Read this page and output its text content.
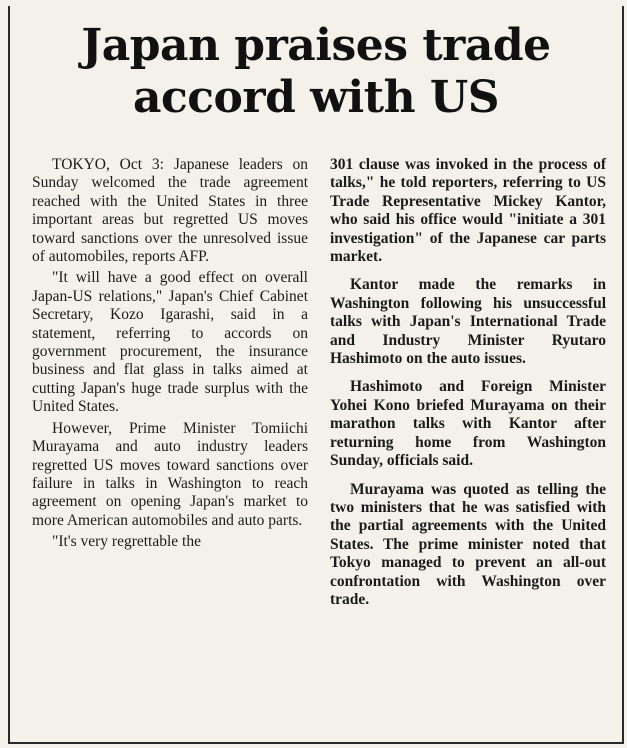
Japan praises trade
accord with US

TOKYO, Oct 3: Japanese leaders on Sunday welcomed the trade agreement reached with the United States in three important areas but regretted US moves toward sanctions over the unresolved issue of automobiles, reports AFP.

"It will have a good effect on overall Japan-US relations," Japan's Chief Cabinet Secretary, Kozo Igarashi, said in a statement, referring to accords on government procurement, the insurance business and flat glass in talks aimed at cutting Japan's huge trade surplus with the United States.

However, Prime Minister Tomiichi Murayama and auto industry leaders regretted US moves toward sanctions over failure in talks in Washington to reach agreement on opening Japan's market to more American automobiles and auto parts.

"It's very regrettable the

301 clause was invoked in the process of talks," he told reporters, referring to US Trade Representative Mickey Kantor, who said his office would "initiate a 301 investigation" of the Japanese car parts market.

Kantor made the remarks in Washington following his unsuccessful talks with Japan's International Trade and Industry Minister Ryutaro Hashimoto on the auto issues.

Hashimoto and Foreign Minister Yohei Kono briefed Murayama on their marathon talks with Kantor after returning home from Washington Sunday, officials said.

Murayama was quoted as telling the two ministers that he was satisfied with the partial agreements with the United States. The prime minister noted that Tokyo managed to prevent an all-out confrontation with Washington over trade.
